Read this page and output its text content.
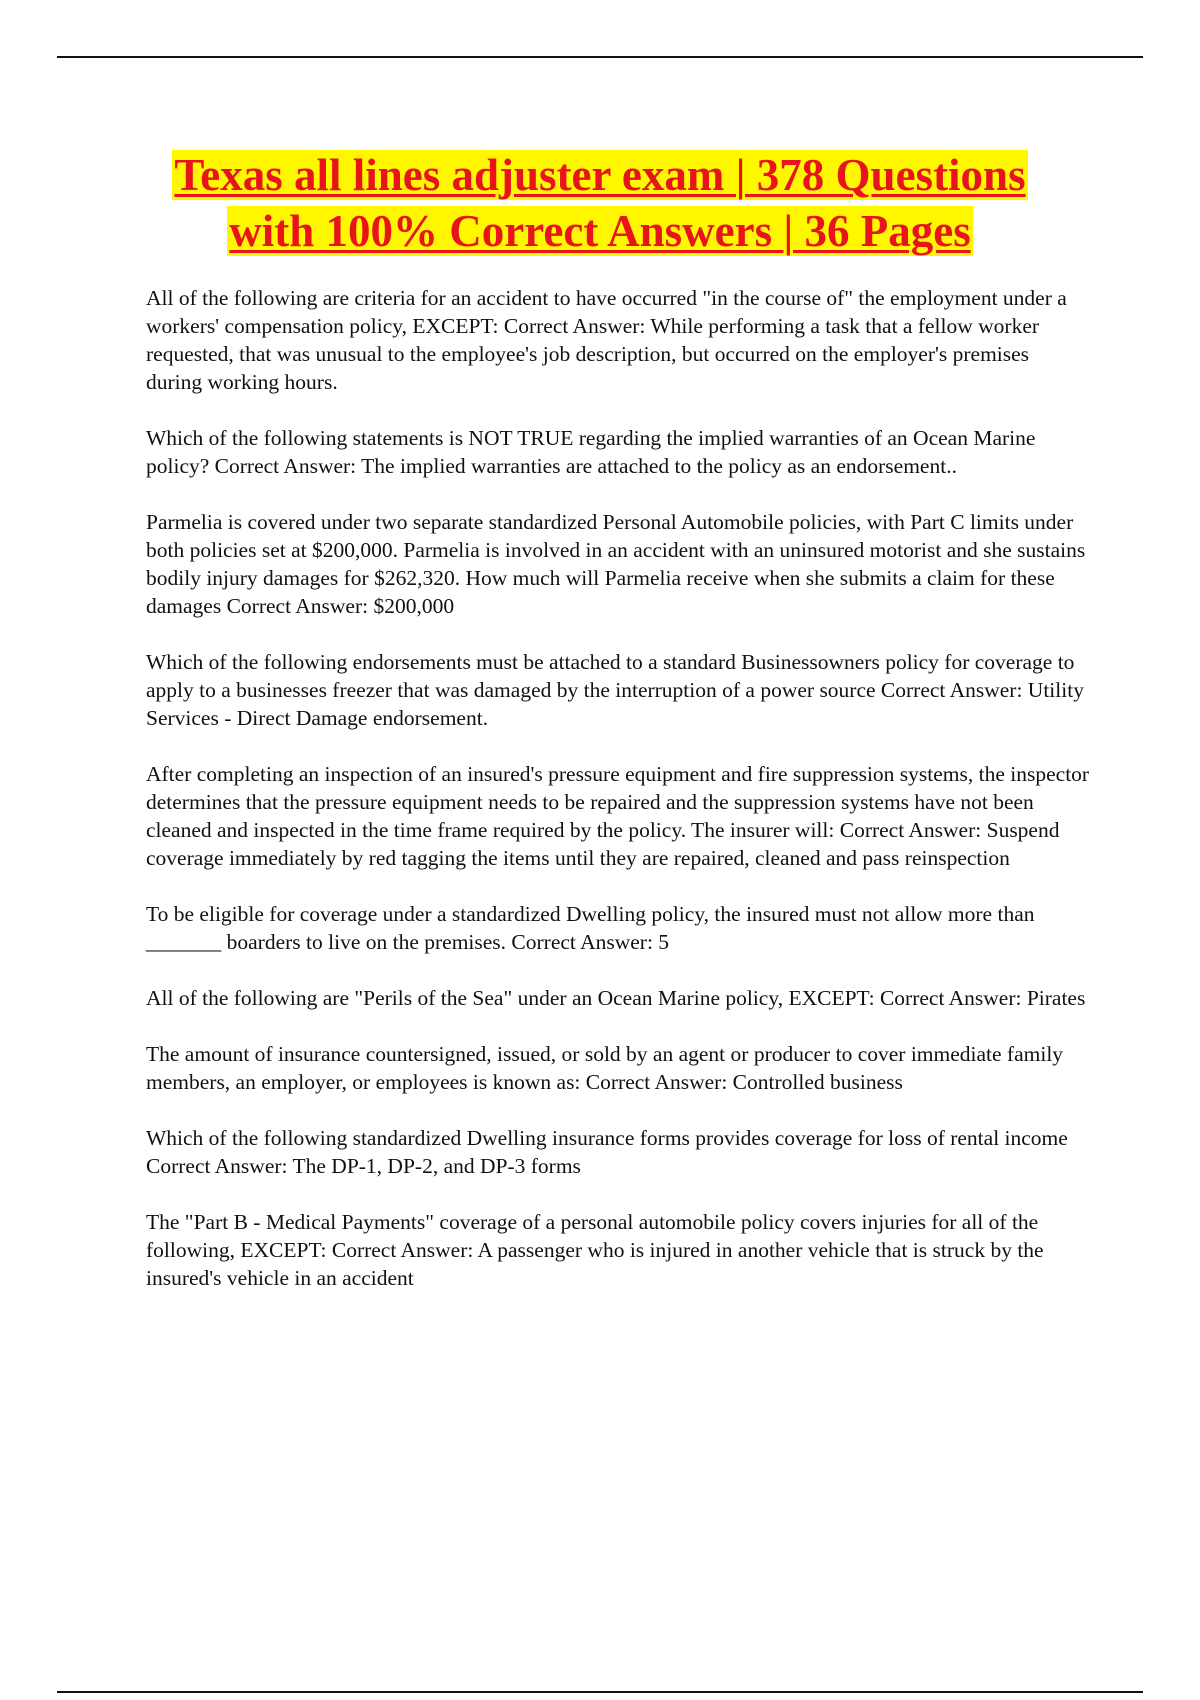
Texas all lines adjuster exam | 378 Questions
with 100% Correct Answers | 36 Pages

All of the following are criteria for an accident to have occurred "in the course of" the employment under a workers' compensation policy, EXCEPT: Correct Answer: While performing a task that a fellow worker requested, that was unusual to the employee's job description, but occurred on the employer's premises during working hours.

Which of the following statements is NOT TRUE regarding the implied warranties of an Ocean Marine policy? Correct Answer: The implied warranties are attached to the policy as an endorsement..

Parmelia is covered under two separate standardized Personal Automobile policies, with Part C limits under both policies set at $200,000. Parmelia is involved in an accident with an uninsured motorist and she sustains bodily injury damages for $262,320. How much will Parmelia receive when she submits a claim for these damages Correct Answer: $200,000

Which of the following endorsements must be attached to a standard Businessowners policy for coverage to apply to a businesses freezer that was damaged by the interruption of a power source Correct Answer: Utility Services - Direct Damage endorsement.

After completing an inspection of an insured's pressure equipment and fire suppression systems, the inspector determines that the pressure equipment needs to be repaired and the suppression systems have not been cleaned and inspected in the time frame required by the policy. The insurer will: Correct Answer: Suspend coverage immediately by red tagging the items until they are repaired, cleaned and pass reinspection

To be eligible for coverage under a standardized Dwelling policy, the insured must not allow more than _______ boarders to live on the premises. Correct Answer: 5

All of the following are "Perils of the Sea" under an Ocean Marine policy, EXCEPT: Correct Answer: Pirates

The amount of insurance countersigned, issued, or sold by an agent or producer to cover immediate family members, an employer, or employees is known as: Correct Answer: Controlled business

Which of the following standardized Dwelling insurance forms provides coverage for loss of rental income Correct Answer: The DP-1, DP-2, and DP-3 forms

The "Part B - Medical Payments" coverage of a personal automobile policy covers injuries for all of the following, EXCEPT: Correct Answer: A passenger who is injured in another vehicle that is struck by the insured's vehicle in an accident
